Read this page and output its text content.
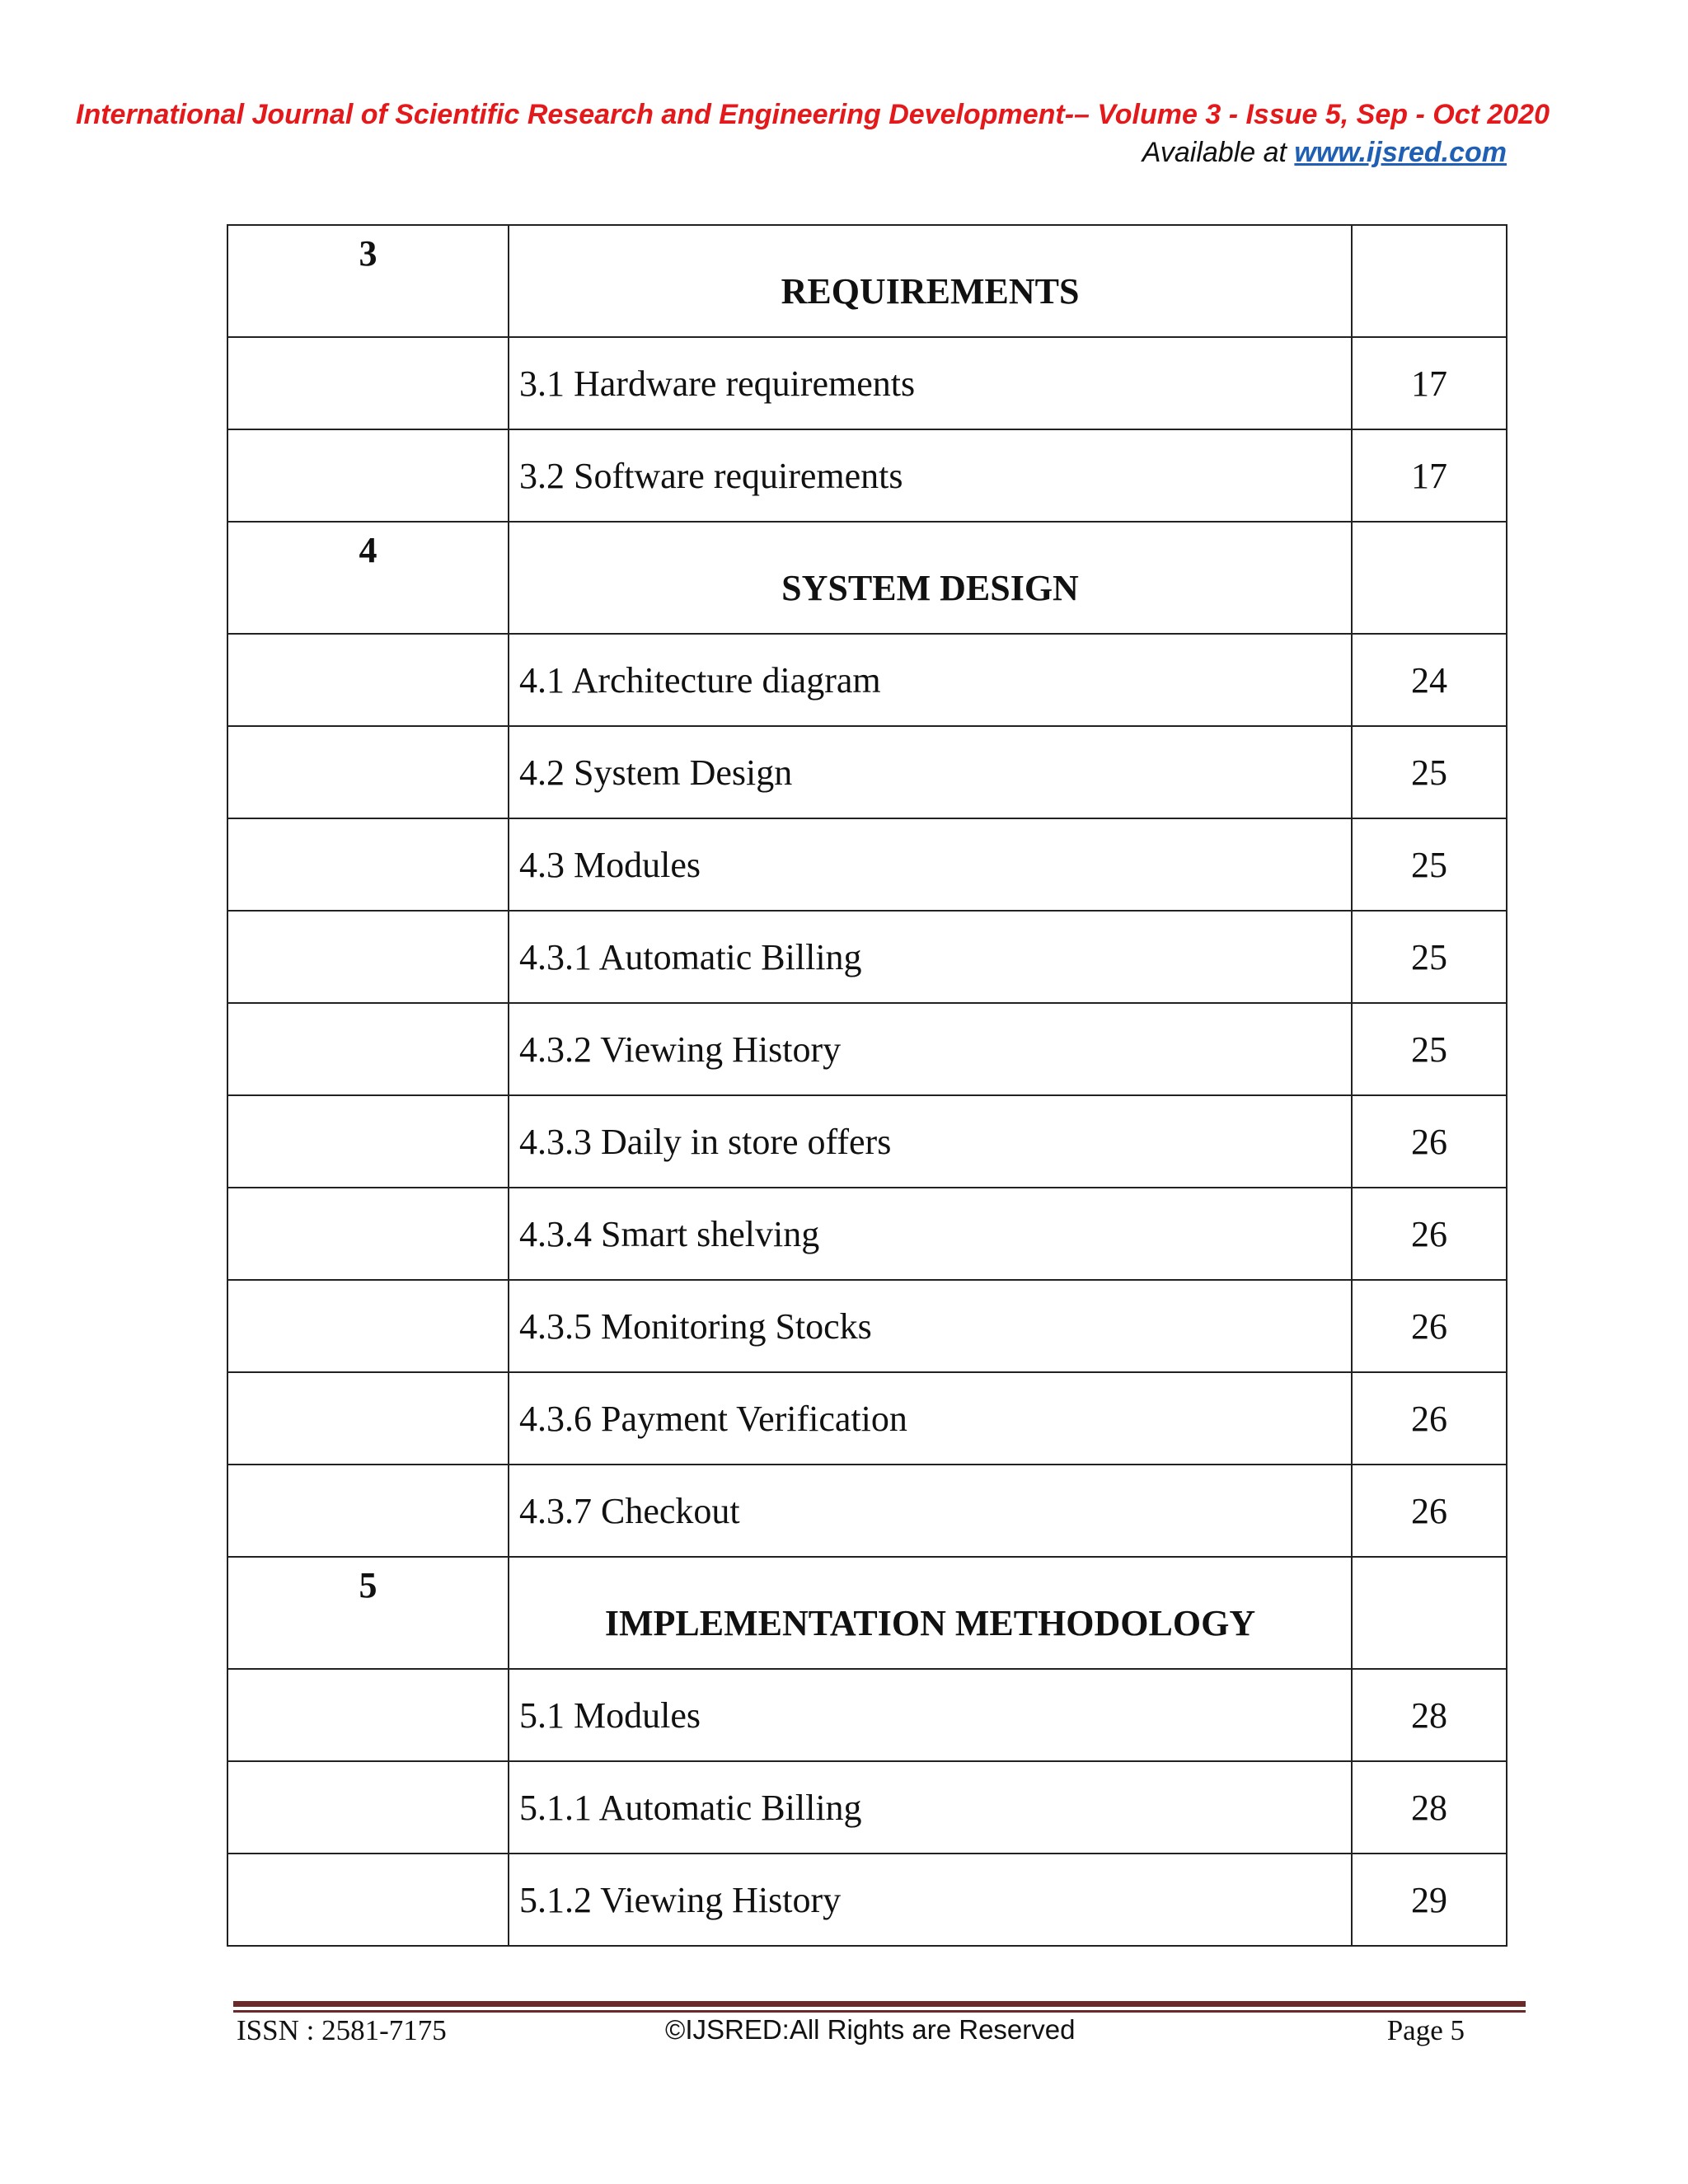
International Journal of Scientific Research and Engineering Development-– Volume 3 - Issue 5, Sep - Oct 2020
Available at www.ijsred.com
3	REQUIREMENTS	

	3.1 Hardware requirements	17

	3.2 Software requirements	17

4	SYSTEM DESIGN	

	4.1 Architecture diagram	24

	4.2 System Design	25

	4.3 Modules	25

	4.3.1 Automatic Billing	25

	4.3.2 Viewing History	25

	4.3.3 Daily in store offers	26

	4.3.4 Smart shelving	26

	4.3.5 Monitoring Stocks	26

	4.3.6 Payment Verification	26

	4.3.7 Checkout	26

5	IMPLEMENTATION METHODOLOGY	

	5.1 Modules	28

	5.1.1 Automatic Billing	28

	5.1.2 Viewing History	29
ISSN : 2581-7175	©IJSRED:All Rights are Reserved	Page 5
